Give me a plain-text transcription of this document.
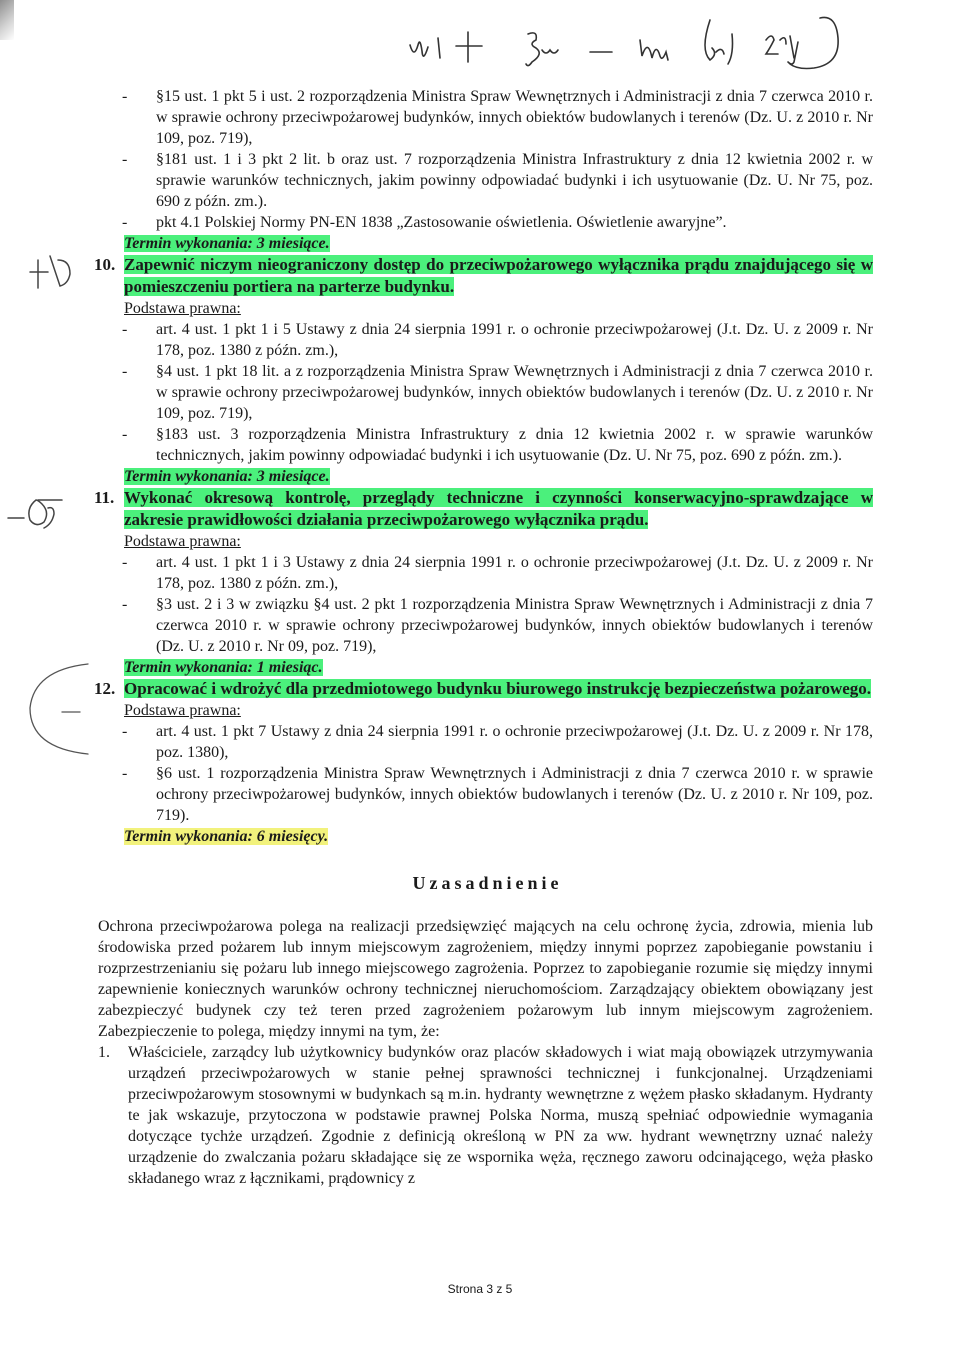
- §15 ust. 1 pkt 5 i ust. 2 rozporządzenia Ministra Spraw Wewnętrznych i Administracji z dnia 7 czerwca 2010 r. w sprawie ochrony przeciwpożarowej budynków, innych obiektów budowlanych i terenów (Dz. U. z 2010 r. Nr 109, poz. 719),
- §181 ust. 1 i 3 pkt 2 lit. b oraz ust. 7 rozporządzenia Ministra Infrastruktury z dnia 12 kwietnia 2002 r. w sprawie warunków technicznych, jakim powinny odpowiadać budynki i ich usytuowanie (Dz. U. Nr 75, poz. 690 z późn. zm.).
- pkt 4.1 Polskiej Normy PN-EN 1838 „Zastosowanie oświetlenia. Oświetlenie awaryjne”.
Termin wykonania: 3 miesiące.
10. Zapewnić niczym nieograniczony dostęp do przeciwpożarowego wyłącznika prądu znajdującego się w pomieszczeniu portiera na parterze budynku.
Podstawa prawna:
- art. 4 ust. 1 pkt 1 i 5 Ustawy z dnia 24 sierpnia 1991 r. o ochronie przeciwpożarowej (J.t. Dz. U. z 2009 r. Nr 178, poz. 1380 z późn. zm.),
- §4 ust. 1 pkt 18 lit. a z rozporządzenia Ministra Spraw Wewnętrznych i Administracji z dnia 7 czerwca 2010 r. w sprawie ochrony przeciwpożarowej budynków, innych obiektów budowlanych i terenów (Dz. U. z 2010 r. Nr 109, poz. 719),
- §183 ust. 3 rozporządzenia Ministra Infrastruktury z dnia 12 kwietnia 2002 r. w sprawie warunków technicznych, jakim powinny odpowiadać budynki i ich usytuowanie (Dz. U. Nr 75, poz. 690 z późn. zm.).
Termin wykonania: 3 miesiące.
11. Wykonać okresową kontrolę, przeglądy techniczne i czynności konserwacyjno-sprawdzające w zakresie prawidłowości działania przeciwpożarowego wyłącznika prądu.
Podstawa prawna:
- art. 4 ust. 1 pkt 1 i 3 Ustawy z dnia 24 sierpnia 1991 r. o ochronie przeciwpożarowej (J.t. Dz. U. z 2009 r. Nr 178, poz. 1380 z późn. zm.),
- §3 ust. 2 i 3 w związku §4 ust. 2 pkt 1 rozporządzenia Ministra Spraw Wewnętrznych i Administracji z dnia 7 czerwca 2010 r. w sprawie ochrony przeciwpożarowej budynków, innych obiektów budowlanych i terenów (Dz. U. z 2010 r. Nr 09, poz. 719),
Termin wykonania: 1 miesiąc.
12. Opracować i wdrożyć dla przedmiotowego budynku biurowego instrukcję bezpieczeństwa pożarowego.
Podstawa prawna:
- art. 4 ust. 1 pkt 7 Ustawy z dnia 24 sierpnia 1991 r. o ochronie przeciwpożarowej (J.t. Dz. U. z 2009 r. Nr 178, poz. 1380),
- §6 ust. 1 rozporządzenia Ministra Spraw Wewnętrznych i Administracji z dnia 7 czerwca 2010 r. w sprawie ochrony przeciwpożarowej budynków, innych obiektów budowlanych i terenów (Dz. U. z 2010 r. Nr 109, poz. 719).
Termin wykonania: 6 miesięcy.
Uzasadnienie
Ochrona przeciwpożarowa polega na realizacji przedsięwzięć mających na celu ochronę życia, zdrowia, mienia lub środowiska przed pożarem lub innym miejscowym zagrożeniem, między innymi poprzez zapobieganie powstaniu i rozprzestrzenianiu się pożaru lub innego miejscowego zagrożenia. Poprzez to zapobieganie rozumie się między innymi zapewnienie koniecznych warunków ochrony technicznej nieruchomościom. Zarządzający obiektem obowiązany jest zabezpieczyć budynek czy też teren przed zagrożeniem pożarowym lub innym miejscowym zagrożeniem. Zabezpieczenie to polega, między innymi na tym, że:
1. Właściciele, zarządcy lub użytkownicy budynków oraz placów składowych i wiat mają obowiązek utrzymywania urządzeń przeciwpożarowych w stanie pełnej sprawności technicznej i funkcjonalnej. Urządzeniami przeciwpożarowym stosownymi w budynkach są m.in. hydranty wewnętrzne z wężem płasko składanym. Hydranty te jak wskazuje, przytoczona w podstawie prawnej Polska Norma, muszą spełniać odpowiednie wymagania dotyczące tychże urządzeń. Zgodnie z definicją określoną w PN za ww. hydrant wewnętrzny uznać należy urządzenie do zwalczania pożaru składające się ze wspornika węża, ręcznego zaworu odcinającego, węża płasko składanego wraz z łącznikami, prądownicy z
Strona 3 z 5
